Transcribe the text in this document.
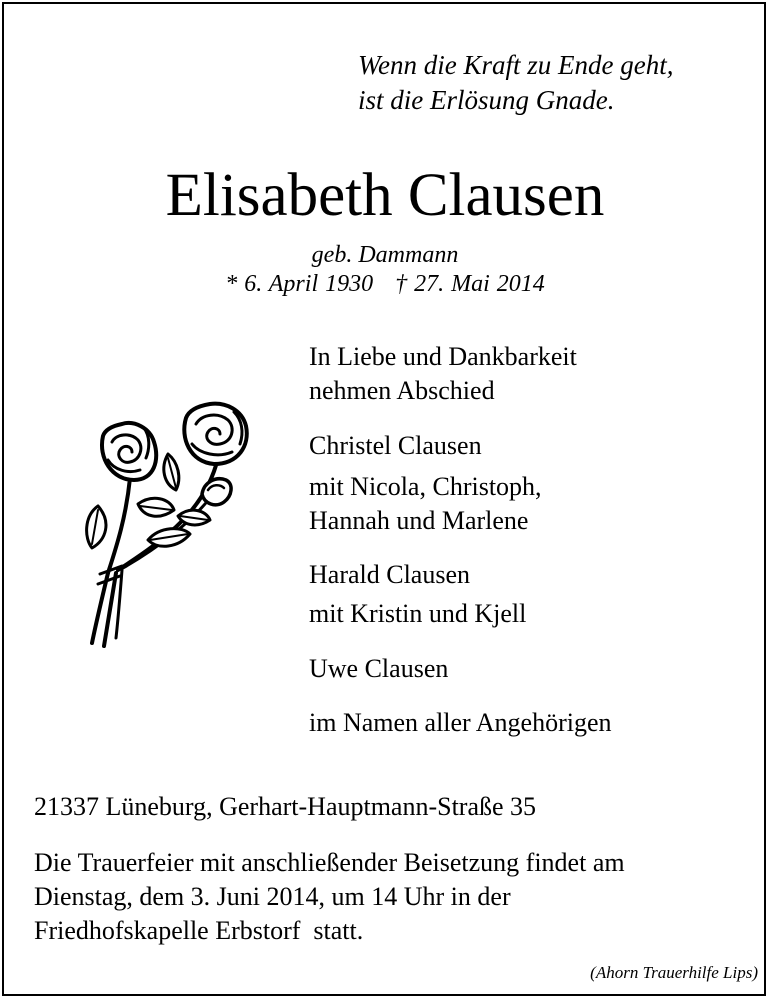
Wenn die Kraft zu Ende geht,
ist die Erlösung Gnade.
Elisabeth Clausen
geb. Dammann
* 6. April 1930 † 27. Mai 2014
In Liebe und Dankbarkeit
nehmen Abschied
Christel Clausen
mit Nicola, Christoph,
Hannah und Marlene
Harald Clausen
mit Kristin und Kjell
Uwe Clausen
im Namen aller Angehörigen
21337 Lüneburg, Gerhart-Hauptmann-Straße 35
Die Trauerfeier mit anschließender Beisetzung findet am
Dienstag, dem 3. Juni 2014, um 14 Uhr in der
Friedhofskapelle Erbstorf  statt.
(Ahorn Trauerhilfe Lips)
